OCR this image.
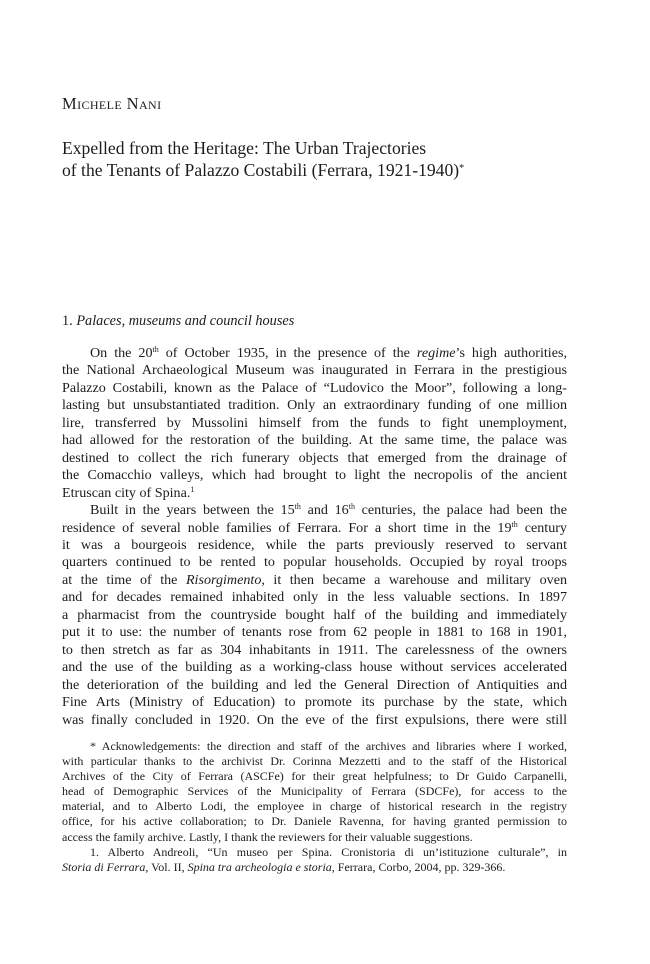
Michele Nani
Expelled from the Heritage: The Urban Trajectories
of the Tenants of Palazzo Costabili (Ferrara, 1921-1940)*
1. Palaces, museums and council houses
On the 20th of October 1935, in the presence of the regime’s high authorities,
the National Archaeological Museum was inaugurated in Ferrara in the prestigious
Palazzo Costabili, known as the Palace of “Ludovico the Moor”, following a long-
lasting but unsubstantiated tradition. Only an extraordinary funding of one million
lire, transferred by Mussolini himself from the funds to fight unemployment,
had allowed for the restoration of the building. At the same time, the palace was
destined to collect the rich funerary objects that emerged from the drainage of
the Comacchio valleys, which had brought to light the necropolis of the ancient
Etruscan city of Spina.$^1$
Built in the years between the 15th and 16th centuries, the palace had been the
residence of several noble families of Ferrara. For a short time in the 19th century
it was a bourgeois residence, while the parts previously reserved to servant
quarters continued to be rented to popular households. Occupied by royal troops
at the time of the Risorgimento, it then became a warehouse and military oven
and for decades remained inhabited only in the less valuable sections. In 1897
a pharmacist from the countryside bought half of the building and immediately
put it to use: the number of tenants rose from 62 people in 1881 to 168 in 1901,
to then stretch as far as 304 inhabitants in 1911. The carelessness of the owners
and the use of the building as a working-class house without services accelerated
the deterioration of the building and led the General Direction of Antiquities and
Fine Arts (Ministry of Education) to promote its purchase by the state, which
was finally concluded in 1920. On the eve of the first expulsions, there were still
* Acknowledgements: the direction and staff of the archives and libraries where I worked,
with particular thanks to the archivist Dr. Corinna Mezzetti and to the staff of the Historical
Archives of the City of Ferrara (ASCFe) for their great helpfulness; to Dr Guido Carpanelli,
head of Demographic Services of the Municipality of Ferrara (SDCFe), for access to the
material, and to Alberto Lodi, the employee in charge of historical research in the registry
office, for his active collaboration; to Dr. Daniele Ravenna, for having granted permission to
access the family archive. Lastly, I thank the reviewers for their valuable suggestions.
1. Alberto Andreoli, “Un museo per Spina. Cronistoria di un’istituzione culturale”, in
Storia di Ferrara, Vol. II, Spina tra archeologia e storia, Ferrara, Corbo, 2004, pp. 329-366.
